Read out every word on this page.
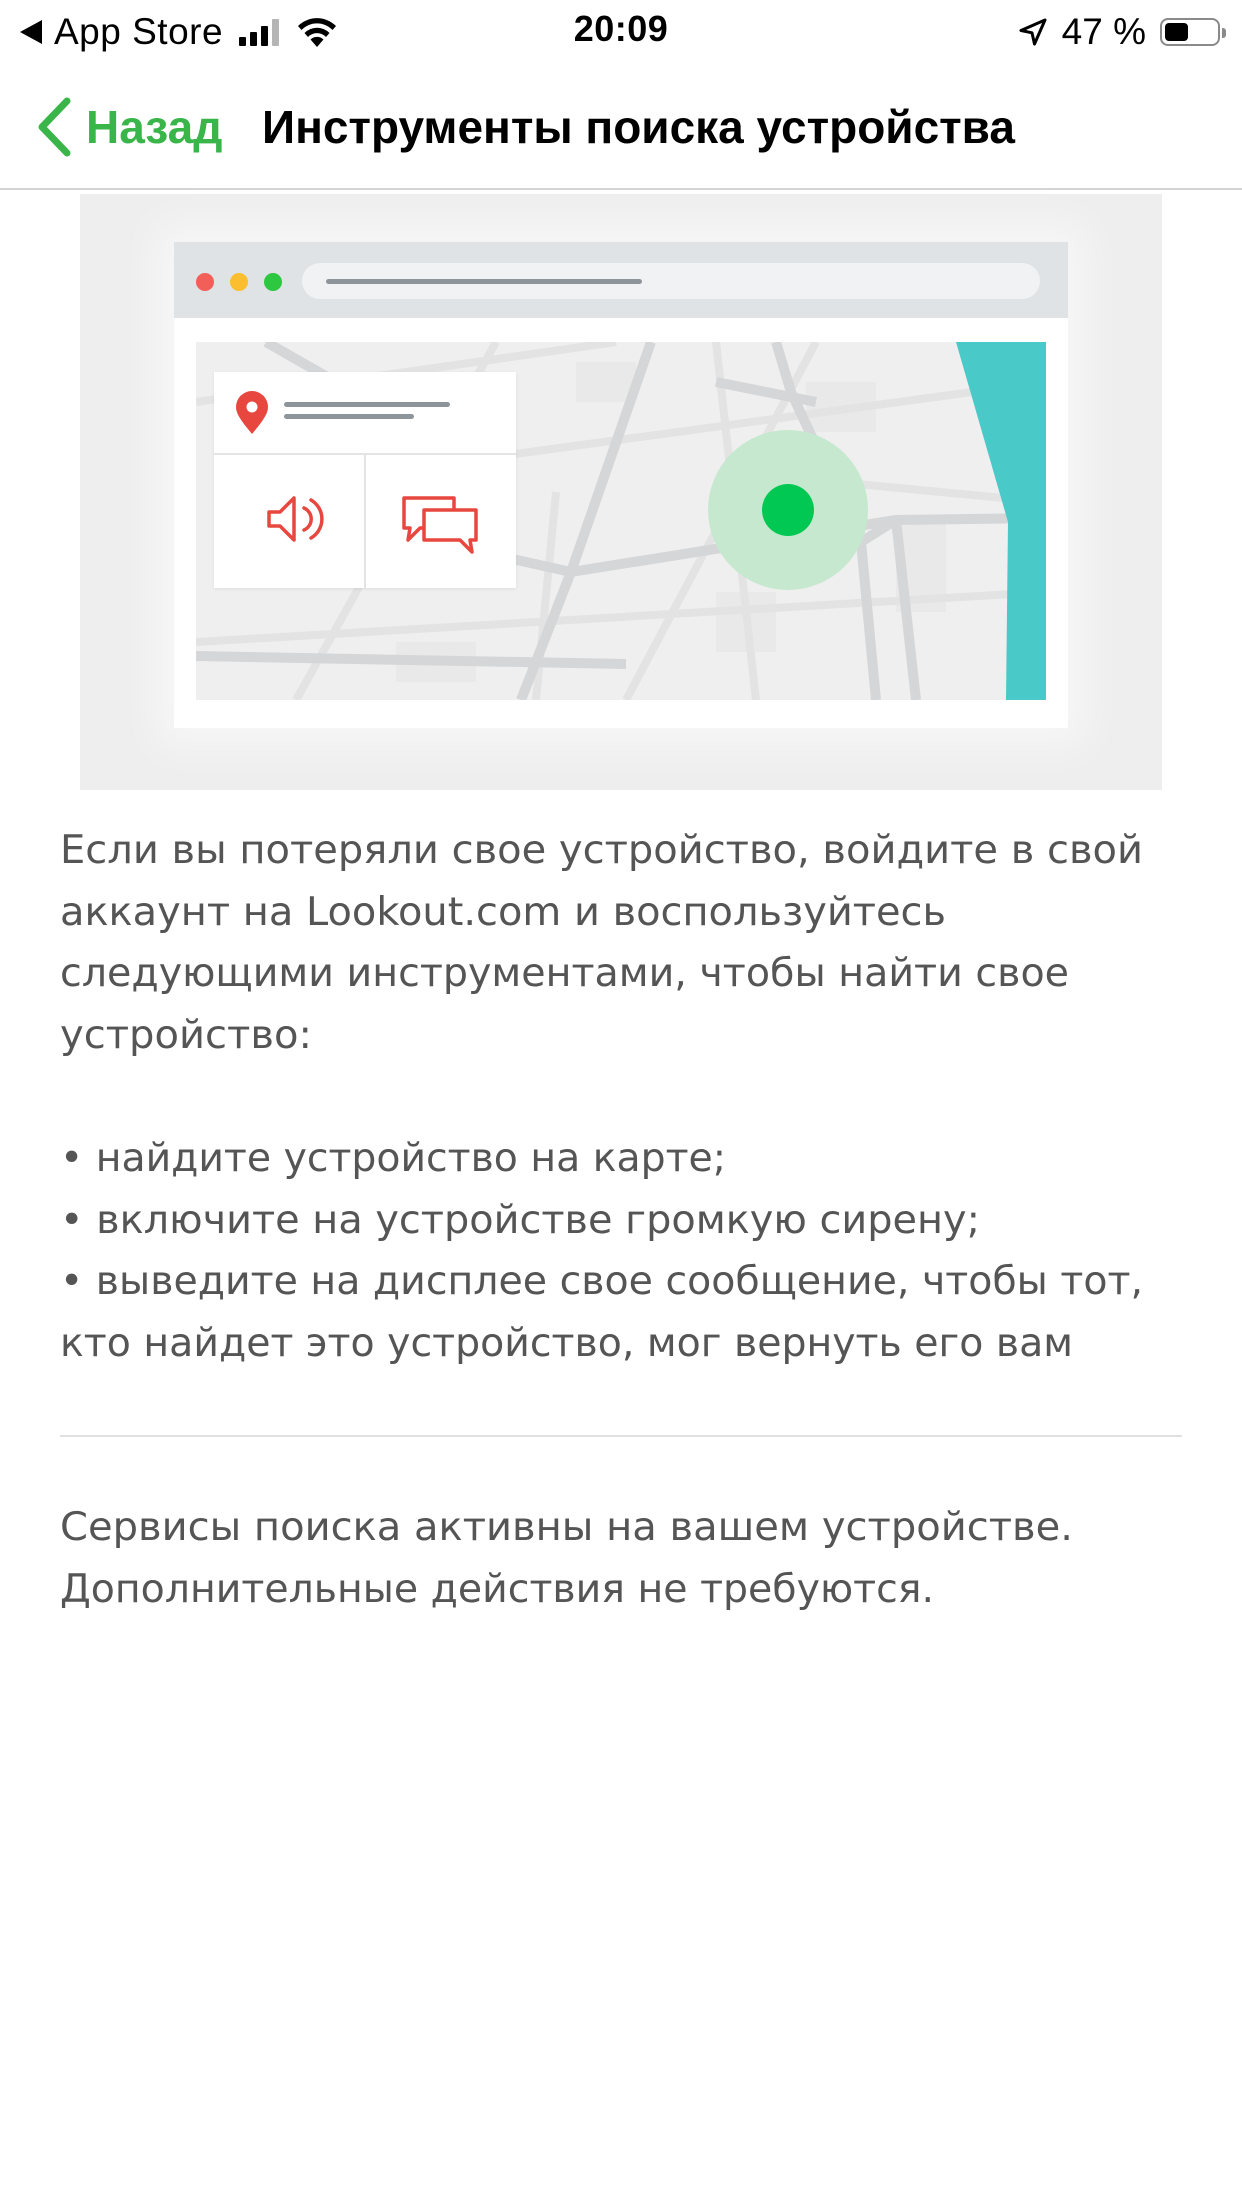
App Store	20:09	47 %
Назад Инструменты поиска устройства
Если вы потеряли свое устройство, войдите в свой
аккаунт на Lookout.com и воспользуйтесь
следующими инструментами, чтобы найти свое
устройство:
• найдите устройство на карте;
• включите на устройстве громкую сирену;
• выведите на дисплее свое сообщение, чтобы тот,
кто найдет это устройство, мог вернуть его вам
Сервисы поиска активны на вашем устройстве.
Дополнительные действия не требуются.
